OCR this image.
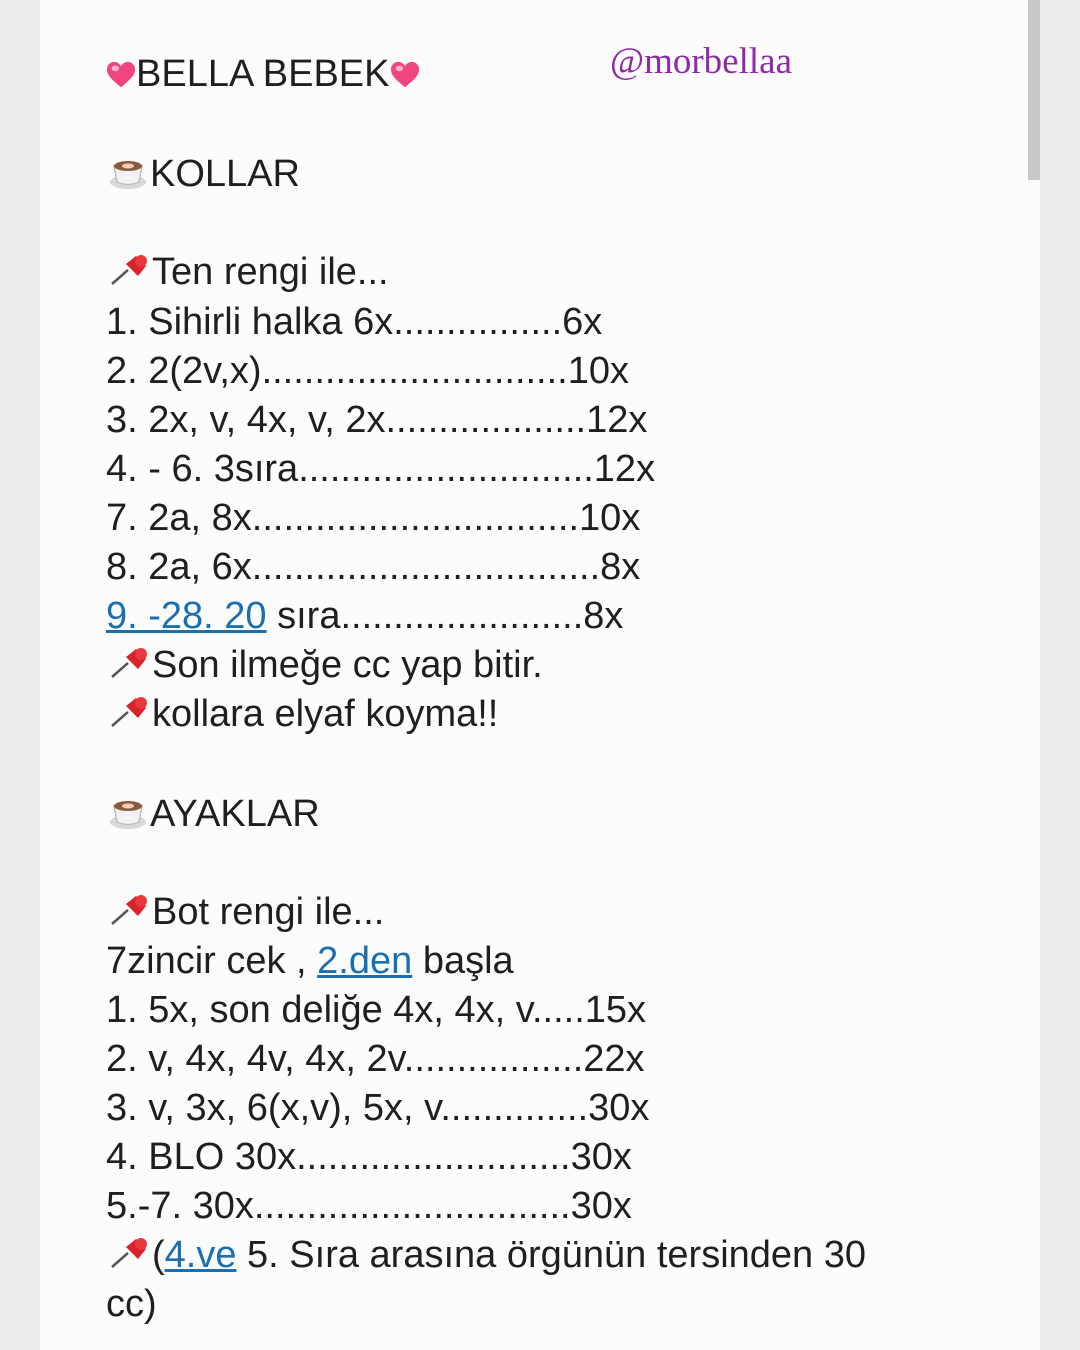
BELLA BEBEK	@morbellaa
KOLLAR
Ten rengi ile...
1. Sihirli halka 6x................6x
2. 2(2v,x).............................10x
3. 2x, v, 4x, v, 2x...................12x
4. - 6. 3sıra............................12x
7. 2a, 8x...............................10x
8. 2a, 6x.................................8x
9. -28. 20 sıra.......................8x
Son ilmeğe cc yap bitir.
kollara elyaf koyma!!
AYAKLAR
Bot rengi ile...
7zincir cek , 2.den başla
1. 5x, son deliğe 4x, 4x, v.....15x
2. v, 4x, 4v, 4x, 2v.................22x
3. v, 3x, 6(x,v), 5x, v..............30x
4. BLO 30x..........................30x
5.-7. 30x..............................30x
(4.ve 5. Sıra arasına örgünün tersinden 30
cc)
